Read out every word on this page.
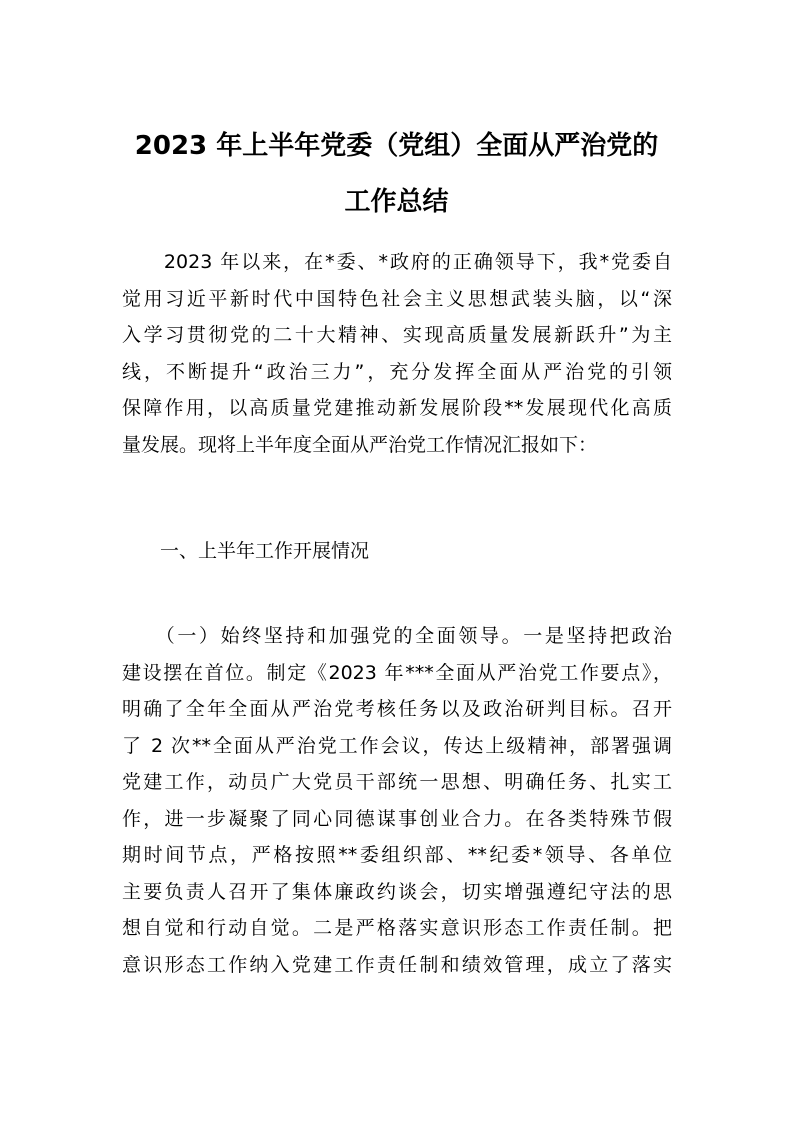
2023 年上半年党委（党组）全面从严治党的
工作总结

　　2023 年以来，在*委、*政府的正确领导下，我*党委自
觉用习近平新时代中国特色社会主义思想武装头脑，以“深
入学习贯彻党的二十大精神、实现高质量发展新跃升”为主
线，不断提升“政治三力”，充分发挥全面从严治党的引领
保障作用，以高质量党建推动新发展阶段**发展现代化高质
量发展。现将上半年度全面从严治党工作情况汇报如下：

　　一、上半年工作开展情况

　　（一）始终坚持和加强党的全面领导。一是坚持把政治
建设摆在首位。制定《2023 年***全面从严治党工作要点》，
明确了全年全面从严治党考核任务以及政治研判目标。召开
了 2 次**全面从严治党工作会议，传达上级精神，部署强调
党建工作，动员广大党员干部统一思想、明确任务、扎实工
作，进一步凝聚了同心同德谋事创业合力。在各类特殊节假
期时间节点，严格按照**委组织部、**纪委*领导、各单位
主要负责人召开了集体廉政约谈会，切实增强遵纪守法的思
想自觉和行动自觉。二是严格落实意识形态工作责任制。把
意识形态工作纳入党建工作责任制和绩效管理，成立了落实
